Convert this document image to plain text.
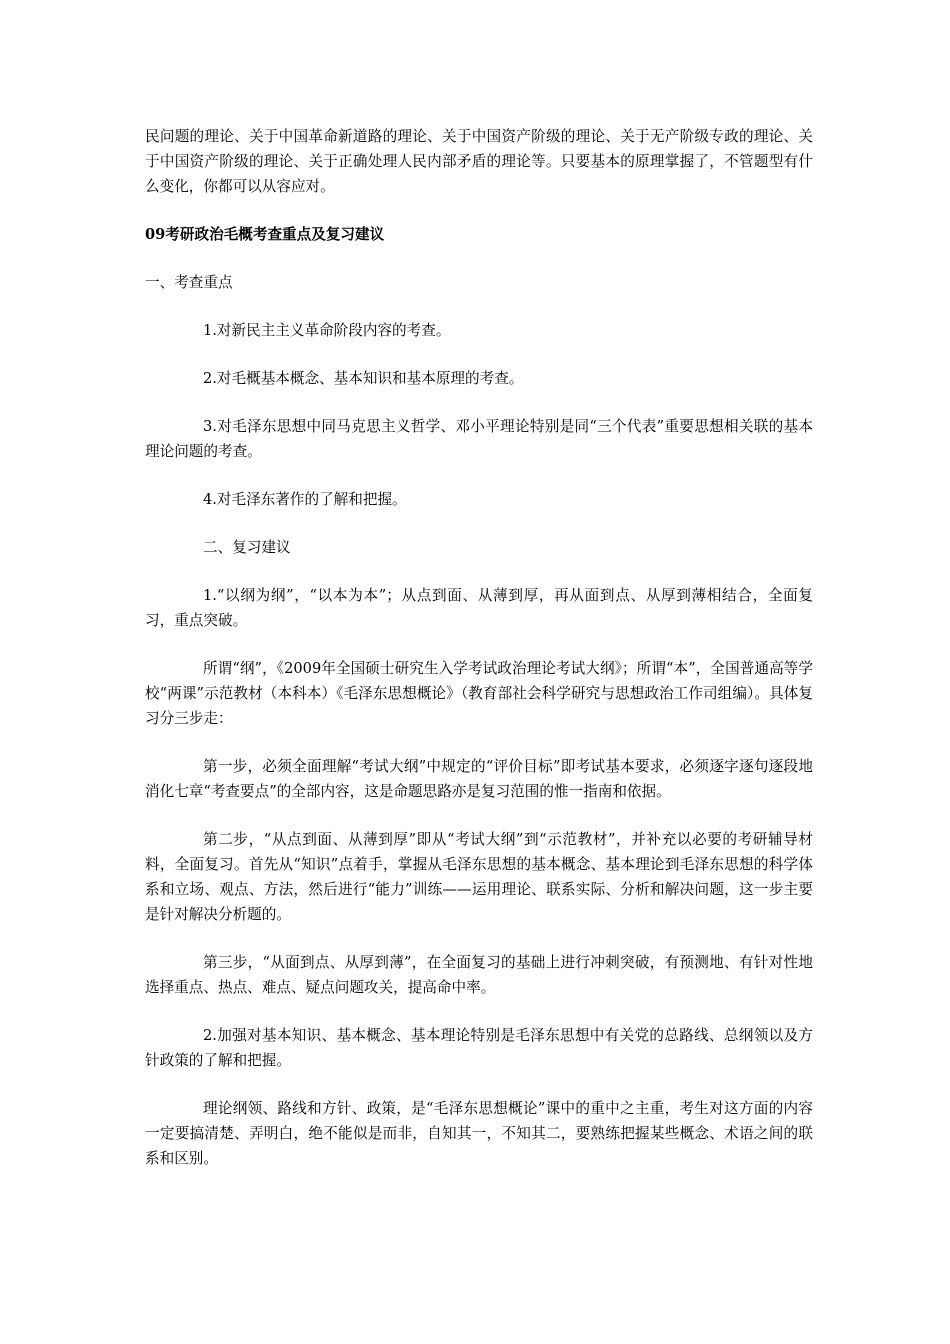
民问题的理论、关于中国革命新道路的理论、关于中国资产阶级的理论、关于无产阶级专政的理论、关于中国资产阶级的理论、关于正确处理人民内部矛盾的理论等。只要基本的原理掌握了，不管题型有什么变化，你都可以从容应对。

09考研政治毛概考查重点及复习建议

一、考查重点

1.对新民主主义革命阶段内容的考查。

2.对毛概基本概念、基本知识和基本原理的考查。

3.对毛泽东思想中同马克思主义哲学、邓小平理论特别是同“三个代表”重要思想相关联的基本理论问题的考查。

4.对毛泽东著作的了解和把握。

二、复习建议

1.“以纲为纲”，“以本为本”；从点到面、从薄到厚，再从面到点、从厚到薄相结合，全面复习，重点突破。

所谓“纲”，《2009年全国硕士研究生入学考试政治理论考试大纲》；所谓“本”，全国普通高等学校“两课”示范教材（本科本）《毛泽东思想概论》（教育部社会科学研究与思想政治工作司组编）。具体复习分三步走：

第一步，必须全面理解“考试大纲”中规定的“评价目标”即考试基本要求，必须逐字逐句逐段地消化七章“考查要点”的全部内容，这是命题思路亦是复习范围的惟一指南和依据。

第二步，“从点到面、从薄到厚”即从“考试大纲”到“示范教材”，并补充以必要的考研辅导材料，全面复习。首先从“知识”点着手，掌握从毛泽东思想的基本概念、基本理论到毛泽东思想的科学体系和立场、观点、方法，然后进行“能力”训练——运用理论、联系实际、分析和解决问题，这一步主要是针对解决分析题的。

第三步，“从面到点、从厚到薄”，在全面复习的基础上进行冲刺突破，有预测地、有针对性地选择重点、热点、难点、疑点问题攻关，提高命中率。

2.加强对基本知识、基本概念、基本理论特别是毛泽东思想中有关党的总路线、总纲领以及方针政策的了解和把握。

理论纲领、路线和方针、政策，是“毛泽东思想概论”课中的重中之主重，考生对这方面的内容一定要搞清楚、弄明白，绝不能似是而非，自知其一，不知其二，要熟练把握某些概念、术语之间的联系和区别。
